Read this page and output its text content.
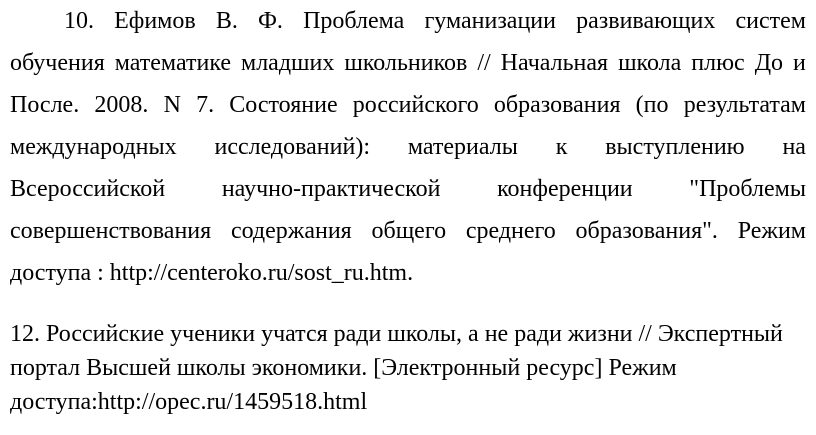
10. Ефимов В. Ф. Проблема гуманизации развивающих систем
обучения математике младших школьников // Начальная школа плюс До и
После. 2008. N 7. Состояние российского образования (по результатам
международных исследований): материалы к выступлению на
Всероссийской научно-практической конференции "Проблемы
совершенствования содержания общего среднего образования". Режим
доступа : http://centeroko.ru/sost_ru.htm.
12. Российские ученики учатся ради школы, а не ради жизни // Экспертный
портал Высшей школы экономики. [Электронный ресурс] Режим
доступа:http://opec.ru/1459518.html
